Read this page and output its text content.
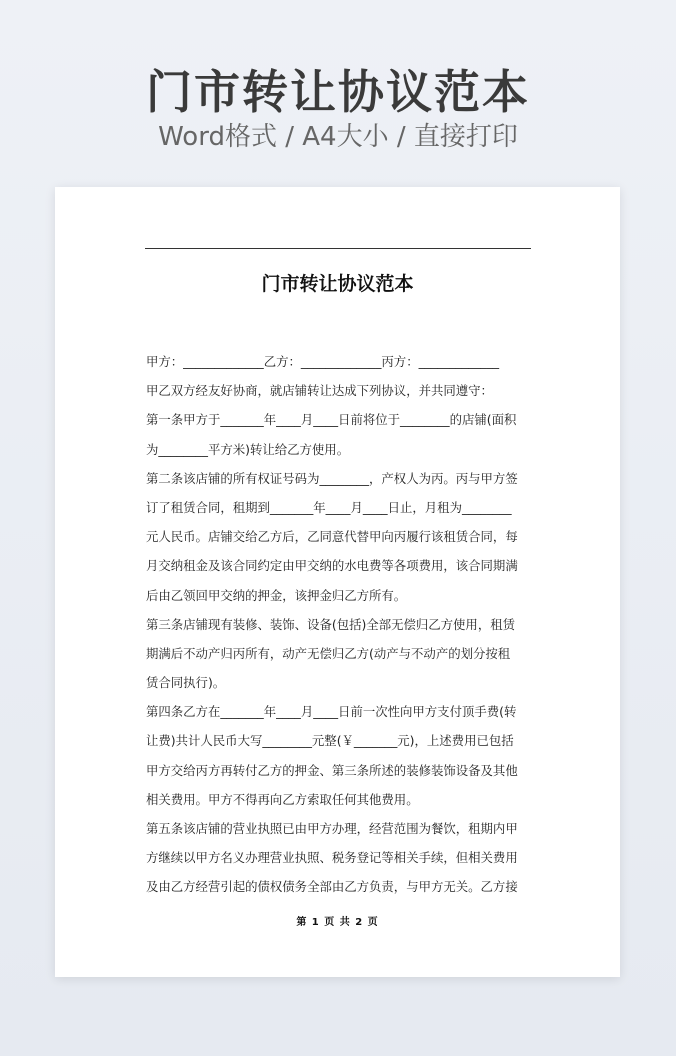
门市转让协议范本
Word格式 / A4大小 / 直接打印
门市转让协议范本
甲方：_____________乙方：_____________丙方：_____________
甲乙双方经友好协商，就店铺转让达成下列协议，并共同遵守：
第一条甲方于_______年____月____日前将位于________的店铺(面积
为________平方米)转让给乙方使用。
第二条该店铺的所有权证号码为________，产权人为丙。丙与甲方签
订了租赁合同，租期到_______年____月____日止，月租为________
元人民币。店铺交给乙方后，乙同意代替甲向丙履行该租赁合同，每
月交纳租金及该合同约定由甲交纳的水电费等各项费用，该合同期满
后由乙领回甲交纳的押金，该押金归乙方所有。
第三条店铺现有装修、装饰、设备(包括)全部无偿归乙方使用，租赁
期满后不动产归丙所有，动产无偿归乙方(动产与不动产的划分按租
赁合同执行)。
第四条乙方在_______年____月____日前一次性向甲方支付顶手费(转
让费)共计人民币大写________元整(￥_______元)，上述费用已包括
甲方交给丙方再转付乙方的押金、第三条所述的装修装饰设备及其他
相关费用。甲方不得再向乙方索取任何其他费用。
第五条该店铺的营业执照已由甲方办理，经营范围为餐饮，租期内甲
方继续以甲方名义办理营业执照、税务登记等相关手续，但相关费用
及由乙方经营引起的债权债务全部由乙方负责，与甲方无关。乙方接
第 1 页 共 2 页
